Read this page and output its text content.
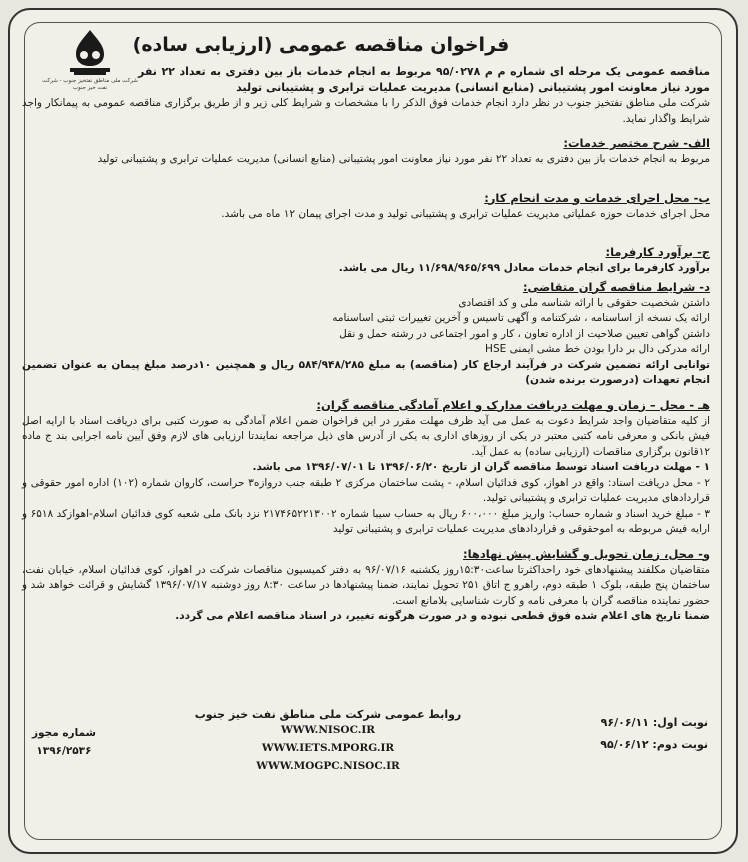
شرکت ملی مناطق نفتخیز جنوب - شرکت نفت خیز جنوب
فراخوان مناقصه عمومی (ارزیابی ساده)

مناقصه عمومی یک مرحله ای شماره م م ۹۵/۰۲۷۸ مربوط به انجام خدمات باز بین دفتری به تعداد ۲۲ نفر مورد نیاز معاونت امور پشتیبانی (منابع انسانی) مدیریت عملیات ترابری و پشتیبانی تولید

شرکت ملی مناطق نفتخیز جنوب در نظر دارد انجام خدمات فوق الذکر را با مشخصات و شرایط کلی زیر و از طریق برگزاری مناقصه عمومی به پیمانکار واجد شرایط واگذار نماید.

الف- شرح مختصر خدمات:

مربوط به انجام خدمات باز بین دفتری به تعداد ۲۲ نفر مورد نیاز معاونت امور پشتیبانی (منابع انسانی) مدیریت عملیات ترابری و پشتیبانی تولید

ب- محل اجرای خدمات و مدت انجام کار:

محل اجرای خدمات حوزه عملیاتی مدیریت عملیات ترابری و پشتیبانی تولید و مدت اجرای پیمان ۱۲ ماه می باشد.

ج- برآورد کارفرما:

برآورد کارفرما برای انجام خدمات معادل ۱۱/۶۹۸/۹۶۵/۶۹۹ ریال می باشد.

د- شرایط مناقصه گران متقاضی:

داشتن شخصیت حقوقی با ارائه شناسه ملی و کد اقتصادی

ارائه یک نسخه از اساسنامه ، شرکتنامه و آگهی تاسیس و آخرین تغییرات ثبتی اساسنامه

داشتن گواهی تعیین صلاحیت از اداره تعاون ، کار و امور اجتماعی در رشته حمل و نقل

ارائه مدرکی دال بر دارا بودن خط مشی ایمنی HSE

توانایی ارائه تضمین شرکت در فرآیند ارجاع کار (مناقصه) به مبلغ ۵۸۴/۹۴۸/۲۸۵ ریال و همچنین ۱۰درصد مبلغ پیمان به عنوان تضمین انجام تعهدات (درصورت برنده شدن)

هـ - محل – زمان و مهلت دریافت مدارک و اعلام آمادگی مناقصه گران:

از کلیه متقاضیان واجد شرایط دعوت به عمل می آید ظرف مهلت مقرر در این فراخوان ضمن اعلام آمادگی به صورت کتبی برای دریافت اسناد با ارایه اصل فیش بانکی و معرفی نامه کتبی معتبر در یکی از روزهای اداری به یکی از آدرس های ذیل مراجعه نمایندتا ارزیابی های لازم وفق آیین نامه اجرایی بند ج ماده ۱۲قانون برگزاری مناقصات (ارزیابی ساده) به عمل آید.

۱ - مهلت دریافت اسناد توسط مناقصه گران از تاریخ ۱۳۹۶/۰۶/۲۰ تا ۱۳۹۶/۰۷/۰۱ می باشد.

۲ - محل دریافت اسناد: واقع در اهواز، کوی فدائیان اسلام، - پشت ساختمان مرکزی ۲ طبقه جنب دروازه۳ حراست، کاروان شماره (۱۰۲) اداره امور حقوقی و قراردادهای مدیریت عملیات ترابری و پشتیبانی تولید.

۳ - مبلغ خرید اسناد و شماره حساب: واریز مبلغ ۶۰۰،۰۰۰ ریال به حساب سیبا شماره ۲۱۷۴۶۵۲۲۱۳۰۰۲ نزد بانک ملی شعبه کوی فدائیان اسلام-اهوازکد ۶۵۱۸ و ارایه فیش مربوطه به اموحقوقی و قراردادهای مدیریت عملیات ترابری و پشتیبانی تولید

و- محل، زمان تحویل و گشایش پیش نهادها:

متقاضیان مکلفند پیشنهادهای خود راحداکثرتا ساعت۱۵:۳۰روز یکشنبه ۹۶/۰۷/۱۶ به دفتر کمیسیون مناقصات شرکت در اهواز، کوی فدائیان اسلام، خیابان نفت، ساختمان پنج طبقه، بلوک ۱ طبقه دوم، راهرو ج اتاق ۲۵۱ تحویل نمایند، ضمنا پیشنهادها در ساعت ۸:۳۰ روز دوشنبه ۱۳۹۶/۰۷/۱۷ گشایش و قرائت خواهد شد و حضور نماینده مناقصه گران با معرفی نامه و کارت شناسایی بلامانع است.

ضمنا تاریخ های اعلام شده فوق قطعی نبوده و در صورت هرگونه تغییر، در اسناد مناقصه اعلام می گردد.

نوبت اول: ۹۶/۰۶/۱۱
نوبت دوم: ۹۵/۰۶/۱۲
روابط عمومی شرکت ملی مناطق نفت خیز جنوب
WWW.NISOC.IR
WWW.IETS.MPORG.IR
WWW.MOGPC.NISOC.IR
شماره مجوز
۱۳۹۶/۲۵۳۶
